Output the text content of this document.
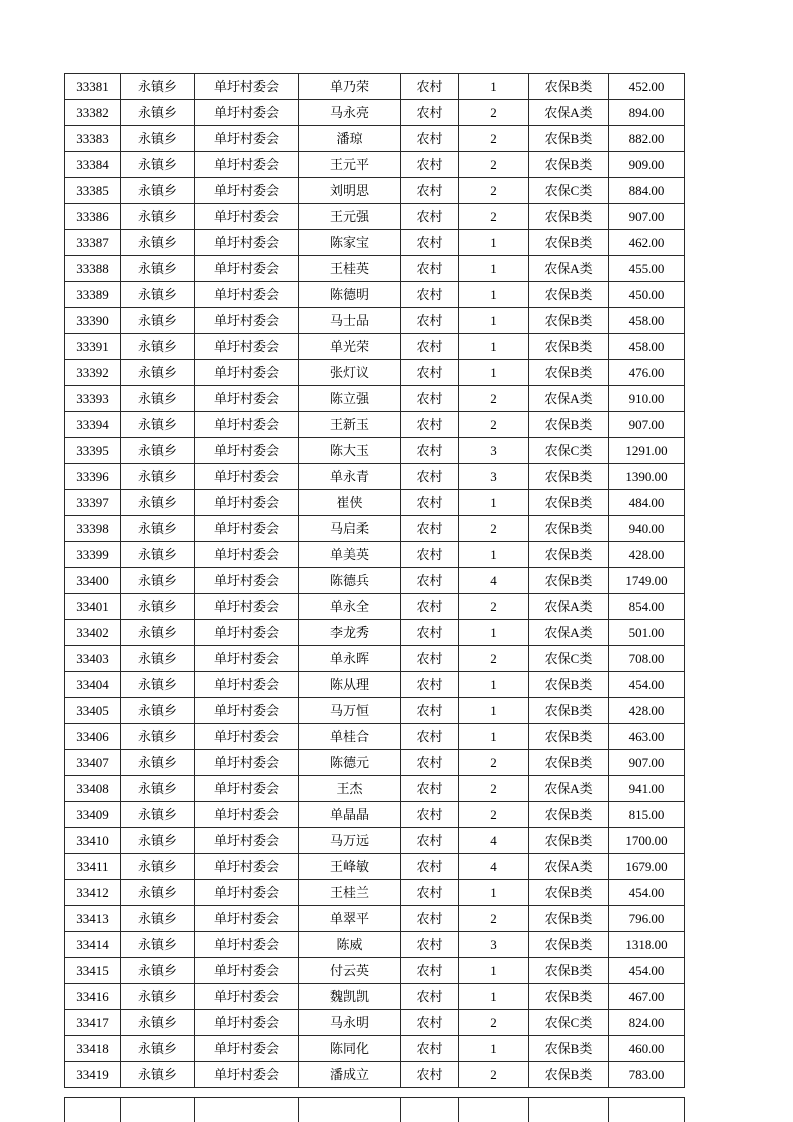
33381	永镇乡	单圩村委会	单乃荣	农村	1	农保B类	452.00
33382	永镇乡	单圩村委会	马永亮	农村	2	农保A类	894.00
33383	永镇乡	单圩村委会	潘琼	农村	2	农保B类	882.00
33384	永镇乡	单圩村委会	王元平	农村	2	农保B类	909.00
33385	永镇乡	单圩村委会	刘明思	农村	2	农保C类	884.00
33386	永镇乡	单圩村委会	王元强	农村	2	农保B类	907.00
33387	永镇乡	单圩村委会	陈家宝	农村	1	农保B类	462.00
33388	永镇乡	单圩村委会	王桂英	农村	1	农保A类	455.00
33389	永镇乡	单圩村委会	陈德明	农村	1	农保B类	450.00
33390	永镇乡	单圩村委会	马士品	农村	1	农保B类	458.00
33391	永镇乡	单圩村委会	单光荣	农村	1	农保B类	458.00
33392	永镇乡	单圩村委会	张灯议	农村	1	农保B类	476.00
33393	永镇乡	单圩村委会	陈立强	农村	2	农保A类	910.00
33394	永镇乡	单圩村委会	王新玉	农村	2	农保B类	907.00
33395	永镇乡	单圩村委会	陈大玉	农村	3	农保C类	1291.00
33396	永镇乡	单圩村委会	单永青	农村	3	农保B类	1390.00
33397	永镇乡	单圩村委会	崔侠	农村	1	农保B类	484.00
33398	永镇乡	单圩村委会	马启柔	农村	2	农保B类	940.00
33399	永镇乡	单圩村委会	单美英	农村	1	农保B类	428.00
33400	永镇乡	单圩村委会	陈德兵	农村	4	农保B类	1749.00
33401	永镇乡	单圩村委会	单永全	农村	2	农保A类	854.00
33402	永镇乡	单圩村委会	李龙秀	农村	1	农保A类	501.00
33403	永镇乡	单圩村委会	单永晖	农村	2	农保C类	708.00
33404	永镇乡	单圩村委会	陈从理	农村	1	农保B类	454.00
33405	永镇乡	单圩村委会	马万恒	农村	1	农保B类	428.00
33406	永镇乡	单圩村委会	单桂合	农村	1	农保B类	463.00
33407	永镇乡	单圩村委会	陈德元	农村	2	农保B类	907.00
33408	永镇乡	单圩村委会	王杰	农村	2	农保A类	941.00
33409	永镇乡	单圩村委会	单晶晶	农村	2	农保B类	815.00
33410	永镇乡	单圩村委会	马万远	农村	4	农保B类	1700.00
33411	永镇乡	单圩村委会	王峰敏	农村	4	农保A类	1679.00
33412	永镇乡	单圩村委会	王桂兰	农村	1	农保B类	454.00
33413	永镇乡	单圩村委会	单翠平	农村	2	农保B类	796.00
33414	永镇乡	单圩村委会	陈威	农村	3	农保B类	1318.00
33415	永镇乡	单圩村委会	付云英	农村	1	农保B类	454.00
33416	永镇乡	单圩村委会	魏凯凯	农村	1	农保B类	467.00
33417	永镇乡	单圩村委会	马永明	农村	2	农保C类	824.00
33418	永镇乡	单圩村委会	陈同化	农村	1	农保B类	460.00
33419	永镇乡	单圩村委会	潘成立	农村	2	农保B类	783.00
